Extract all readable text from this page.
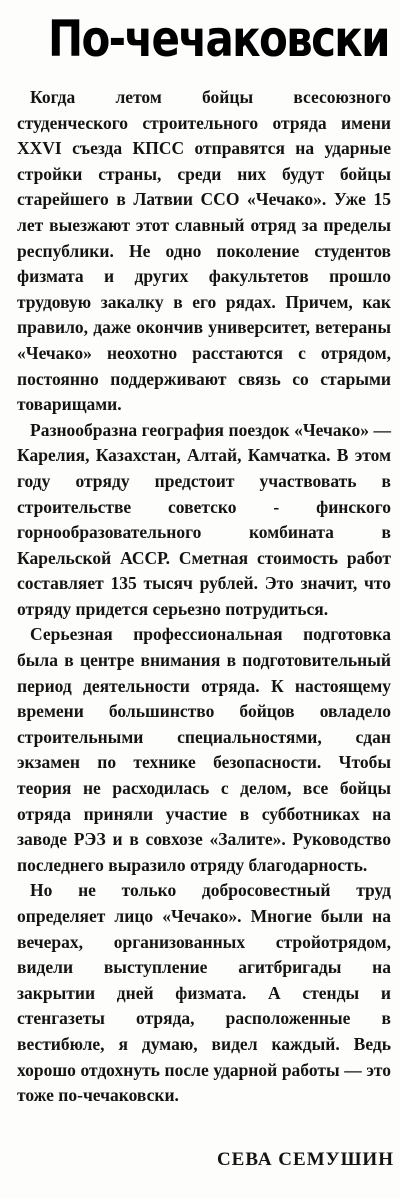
По-чечаковски

Когда летом бойцы всесоюзного студенческого строительного отряда имени XXVI съезда КПСС отправятся на ударные стройки страны, среди них будут бойцы старейшего в Латвии ССО «Чечако». Уже 15 лет выезжают этот славный отряд за пределы республики. Не одно поколение студентов физмата и других факультетов прошло трудовую закалку в его рядах. Причем, как правило, даже окончив университет, ветераны «Чечако» неохотно расстаются с отрядом, постоянно поддерживают связь со старыми товарищами.

Разнообразна география поездок «Чечако» — Карелия, Казахстан, Алтай, Камчатка. В этом году отряду предстоит участвовать в строительстве советско - финского горнообразовательного комбината в Карельской АССР. Сметная стоимость работ составляет 135 тысяч рублей. Это значит, что отряду придется серьезно потрудиться.

Серьезная профессиональная подготовка была в центре внимания в подготовительный период деятельности отряда. К настоящему времени большинство бойцов овладело строительными специальностями, сдан экзамен по технике безопасности. Чтобы теория не расходилась с делом, все бойцы отряда приняли участие в субботниках на заводе РЭЗ и в совхозе «Залите». Руководство последнего выразило отряду благодарность.

Но не только добросовестный труд определяет лицо «Чечако». Многие были на вечерах, организованных стройотрядом, видели выступление агитбригады на закрытии дней физмата. А стенды и стенгазеты отряда, расположенные в вестибюле, я думаю, видел каждый. Ведь хорошо отдохнуть после ударной работы — это тоже по-чечаковски.

СЕВА СЕМУШИН
